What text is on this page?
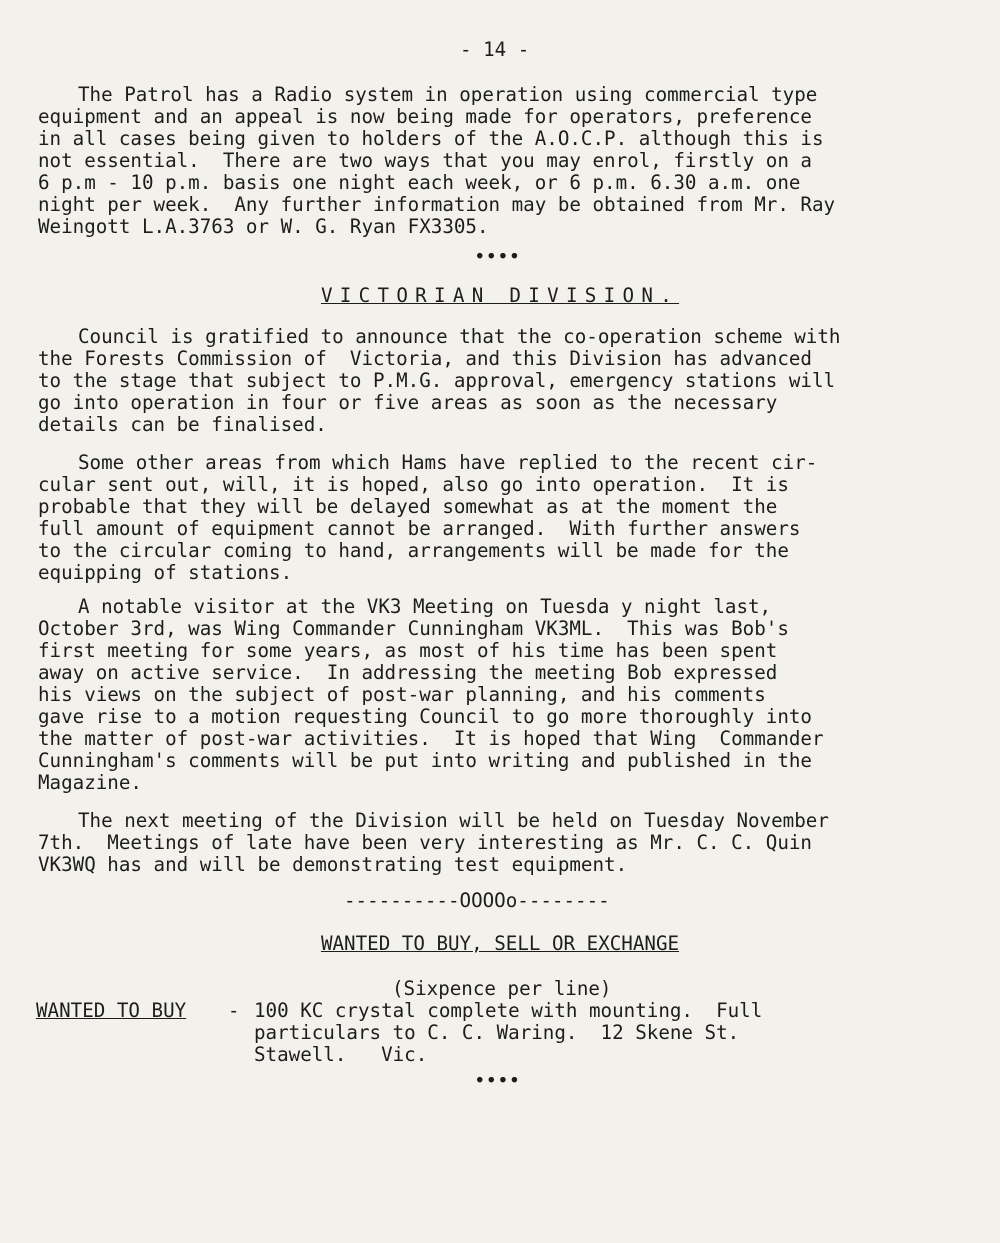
- 14 -
The Patrol has a Radio system in operation using commercial type
equipment and an appeal is now being made for operators, preference
in all cases being given to holders of the A.O.C.P. although this is
not essential.  There are two ways that you may enrol, firstly on a
6 p.m - 10 p.m. basis one night each week, or 6 p.m. 6.30 a.m. one
night per week.  Any further information may be obtained from Mr. Ray
Weingott L.A.3763 or W. G. Ryan FX3305.
••••
VICTORIAN DIVISION.
Council is gratified to announce that the co-operation scheme with
the Forests Commission of  Victoria, and this Division has advanced
to the stage that subject to P.M.G. approval, emergency stations will
go into operation in four or five areas as soon as the necessary
details can be finalised.
Some other areas from which Hams have replied to the recent cir-
cular sent out, will, it is hoped, also go into operation.  It is
probable that they will be delayed somewhat as at the moment the
full amount of equipment cannot be arranged.  With further answers
to the circular coming to hand, arrangements will be made for the
equipping of stations.
A notable visitor at the VK3 Meeting on Tuesda y night last,
October 3rd, was Wing Commander Cunningham VK3ML.  This was Bob's
first meeting for some years, as most of his time has been spent
away on active service.  In addressing the meeting Bob expressed
his views on the subject of post-war planning, and his comments
gave rise to a motion requesting Council to go more thoroughly into
the matter of post-war activities.  It is hoped that Wing  Commander
Cunningham's comments will be put into writing and published in the
Magazine.
The next meeting of the Division will be held on Tuesday November
7th.  Meetings of late have been very interesting as Mr. C. C. Quin
VK3WQ has and will be demonstrating test equipment.
----------OOOOo--------
WANTED TO BUY, SELL OR EXCHANGE
(Sixpence per line)
WANTED TO BUY - 100 KC crystal complete with mounting.  Full
particulars to C. C. Waring.  12 Skene St.
Stawell.   Vic.
••••
